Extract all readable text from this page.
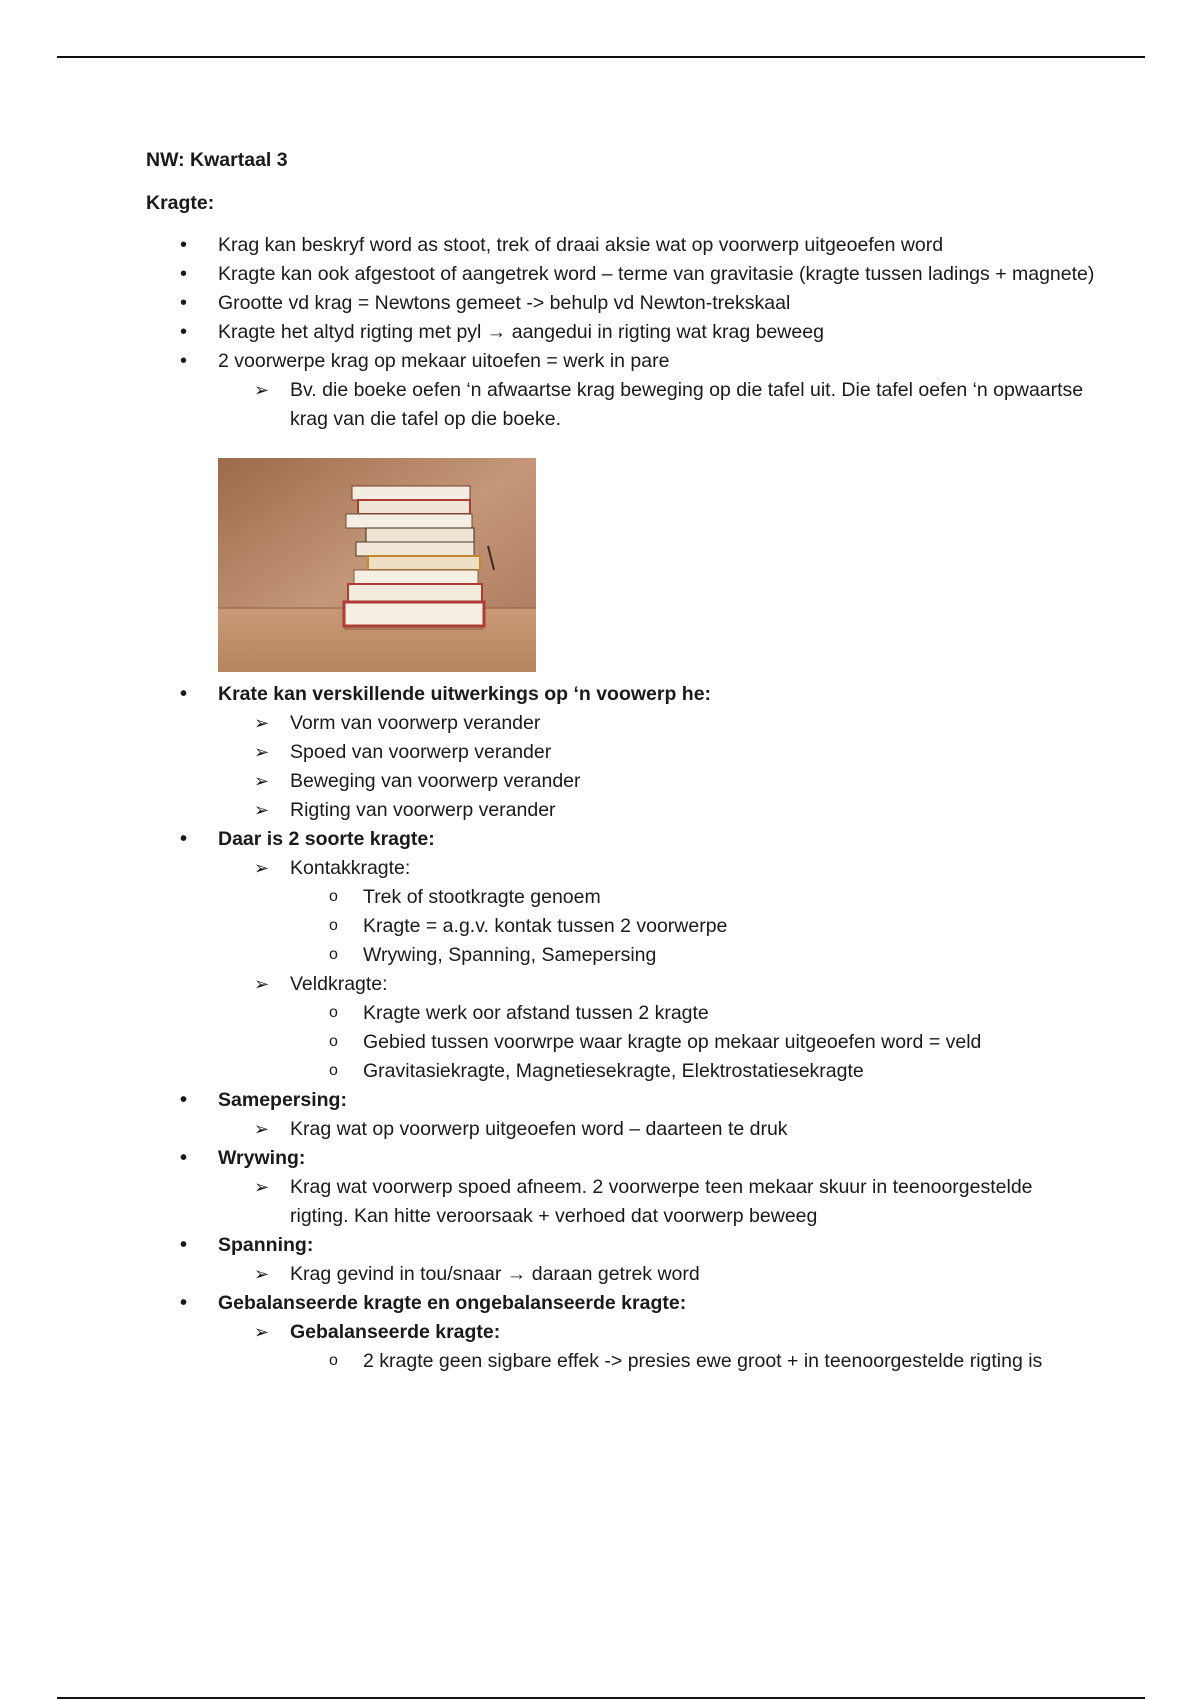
NW: Kwartaal 3

Kragte:

• Krag kan beskryf word as stoot, trek of draai aksie wat op voorwerp uitgeoefen word
• Kragte kan ook afgestoot of aangetrek word – terme van gravitasie (kragte tussen ladings + magnete)
• Grootte vd krag = Newtons gemeet -> behulp vd Newton-trekskaal
• Kragte het altyd rigting met pyl → aangedui in rigting wat krag beweeg
• 2 voorwerpe krag op mekaar uitoefen = werk in pare
➢ Bv. die boeke oefen ‘n afwaartse krag beweging op die tafel uit. Die tafel oefen ‘n opwaartse krag van die tafel op die boeke.
• Krate kan verskillende uitwerkings op ‘n voowerp he:
➢ Vorm van voorwerp verander
➢ Spoed van voorwerp verander
➢ Beweging van voorwerp verander
➢ Rigting van voorwerp verander
• Daar is 2 soorte kragte:
➢ Kontakkragte:
o Trek of stootkragte genoem
o Kragte = a.g.v. kontak tussen 2 voorwerpe
o Wrywing, Spanning, Samepersing
➢ Veldkragte:
o Kragte werk oor afstand tussen 2 kragte
o Gebied tussen voorwrpe waar kragte op mekaar uitgeoefen word = veld
o Gravitasiekragte, Magnetiesekragte, Elektrostatiesekragte
• Samepersing:
➢ Krag wat op voorwerp uitgeoefen word – daarteen te druk
• Wrywing:
➢ Krag wat voorwerp spoed afneem. 2 voorwerpe teen mekaar skuur in teenoorgestelde rigting. Kan hitte veroorsaak + verhoed dat voorwerp beweeg
• Spanning:
➢ Krag gevind in tou/snaar → daraan getrek word
• Gebalanseerde kragte en ongebalanseerde kragte:
➢ Gebalanseerde kragte:
o 2 kragte geen sigbare effek -> presies ewe groot + in teenoorgestelde rigting is
